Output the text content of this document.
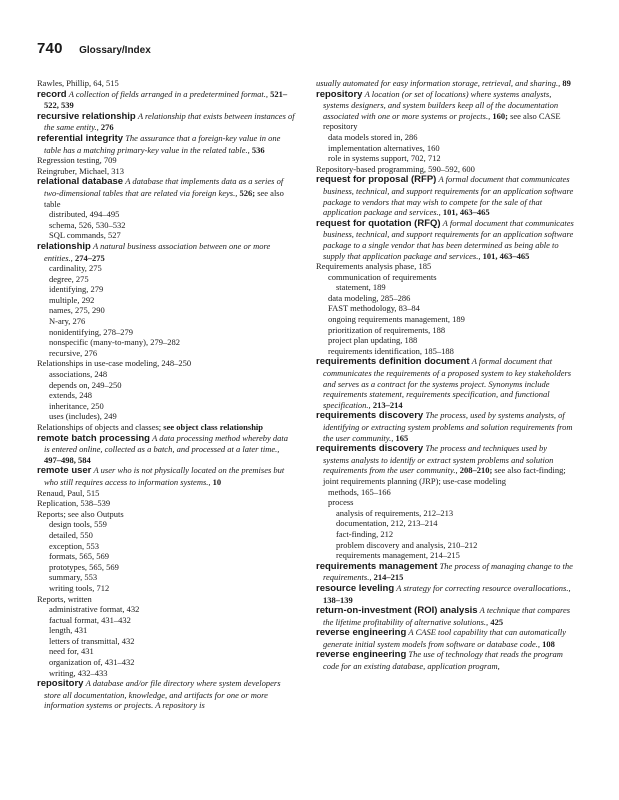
740 Glossary/Index

Rawles, Phillip, 64, 515

record A collection of fields arranged in a predetermined format., 521–522, 539

recursive relationship A relationship that exists between instances of the same entity., 276

referential integrity The assurance that a foreign-key value in one table has a matching primary-key value in the related table., 536

Regression testing, 709

Reingruber, Michael, 313

relational database A database that implements data as a series of two-dimensional tables that are related via foreign keys., 526; see also table

distributed, 494–495

schema, 526, 530–532

SQL commands, 527

relationship A natural business association between one or more entities., 274–275

cardinality, 275

degree, 275

identifying, 279

multiple, 292

names, 275, 290

N-ary, 276

nonidentifying, 278–279

nonspecific (many-to-many), 279–282

recursive, 276

Relationships in use-case modeling, 248–250

associations, 248

depends on, 249–250

extends, 248

inheritance, 250

uses (includes), 249

Relationships of objects and classes; see object class relationship

remote batch processing A data processing method whereby data is entered online, collected as a batch, and processed at a later time., 497–498, 584

remote user A user who is not physically located on the premises but who still requires access to information systems., 10

Renaud, Paul, 515

Replication, 538–539

Reports; see also Outputs

design tools, 559

detailed, 550

exception, 553

formats, 565, 569

prototypes, 565, 569

summary, 553

writing tools, 712

Reports, written

administrative format, 432

factual format, 431–432

length, 431

letters of transmittal, 432

need for, 431

organization of, 431–432

writing, 432–433

repository A database and/or file directory where system developers store all documentation, knowledge, and artifacts for one or more information systems or projects. A repository is

usually automated for easy information storage, retrieval, and sharing., 89

repository A location (or set of locations) where systems analysts, systems designers, and system builders keep all of the documentation associated with one or more systems or projects., 160; see also CASE repository

data models stored in, 286

implementation alternatives, 160

role in systems support, 702, 712

Repository-based programming, 590–592, 600

request for proposal (RFP) A formal document that communicates business, technical, and support requirements for an application software package to vendors that may wish to compete for the sale of that application package and services., 101, 463–465

request for quotation (RFQ) A formal document that communicates business, technical, and support requirements for an application software package to a single vendor that has been determined as being able to supply that application package and services., 101, 463–465

Requirements analysis phase, 185

communication of requirements

statement, 189

data modeling, 285–286

FAST methodology, 83–84

ongoing requirements management, 189

prioritization of requirements, 188

project plan updating, 188

requirements identification, 185–188

requirements definition document A formal document that communicates the requirements of a proposed system to key stakeholders and serves as a contract for the systems project. Synonyms include requirements statement, requirements specification, and functional specification., 213–214

requirements discovery The process, used by systems analysts, of identifying or extracting system problems and solution requirements from the user community., 165

requirements discovery The process and techniques used by systems analysts to identify or extract system problems and solution requirements from the user community., 208–210; see also fact-finding; joint requirements planning (JRP); use-case modeling

methods, 165–166

process

analysis of requirements, 212–213

documentation, 212, 213–214

fact-finding, 212

problem discovery and analysis, 210–212

requirements management, 214–215

requirements management The process of managing change to the requirements., 214–215

resource leveling A strategy for correcting resource overallocations., 138–139

return-on-investment (ROI) analysis A technique that compares the lifetime profitability of alternative solutions., 425

reverse engineering A CASE tool capability that can automatically generate initial system models from software or database code., 108

reverse engineering The use of technology that reads the program code for an existing database, application program,
